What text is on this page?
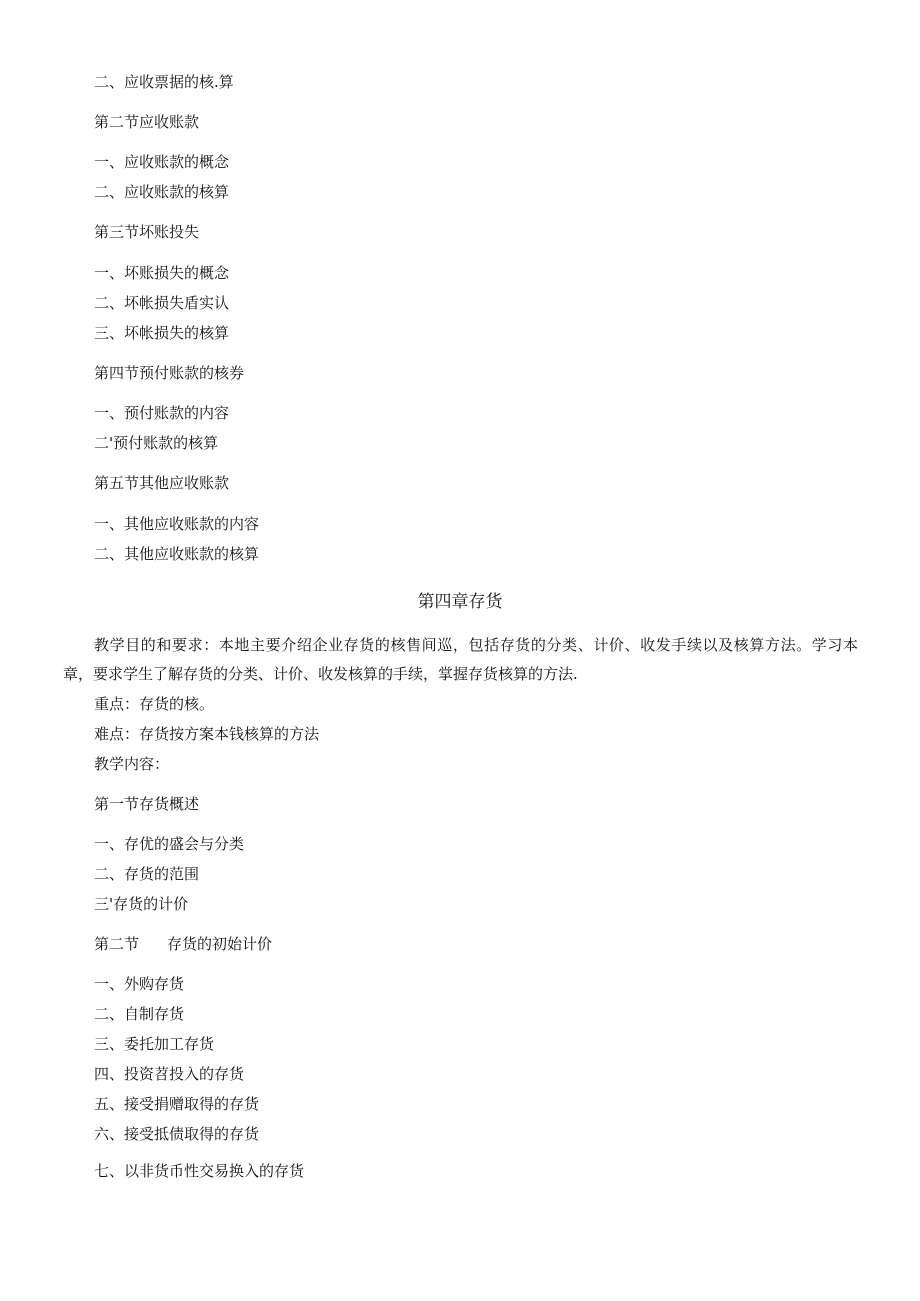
二、应收票据的核.算
第二节应收账款
一、应收账款的概念
二、应收账款的核算
第三节坏账投失
一、坏账损失的概念
二、坏帐损失盾实认
三、坏帐损失的核算
第四节预付账款的核券
一、预付账款的内容
二'预付账款的核算
第五节其他应收账款
一、其他应收账款的内容
二、其他应收账款的核算
第四章存货
教学目的和要求：本地主要介绍企业存货的核售间巡，包括存货的分类、计价、收发手续以及核算方法。学习本章，要求学生了解存货的分类、计价、收发核算的手续，掌握存货核算的方法.
重点：存货的核。
难点：存货按方案本钱核算的方法
教学内容：
第一节存货概述
一、存优的盛会与分类
二、存货的范围
三'存货的计价
第二节 存货的初始计价
一、外购存货
二、自制存货
三、委托加工存货
四、投资苕投入的存货
五、接受捐赠取得的存货
六、接受抵债取得的存货
七、以非货币性交易换入的存货
